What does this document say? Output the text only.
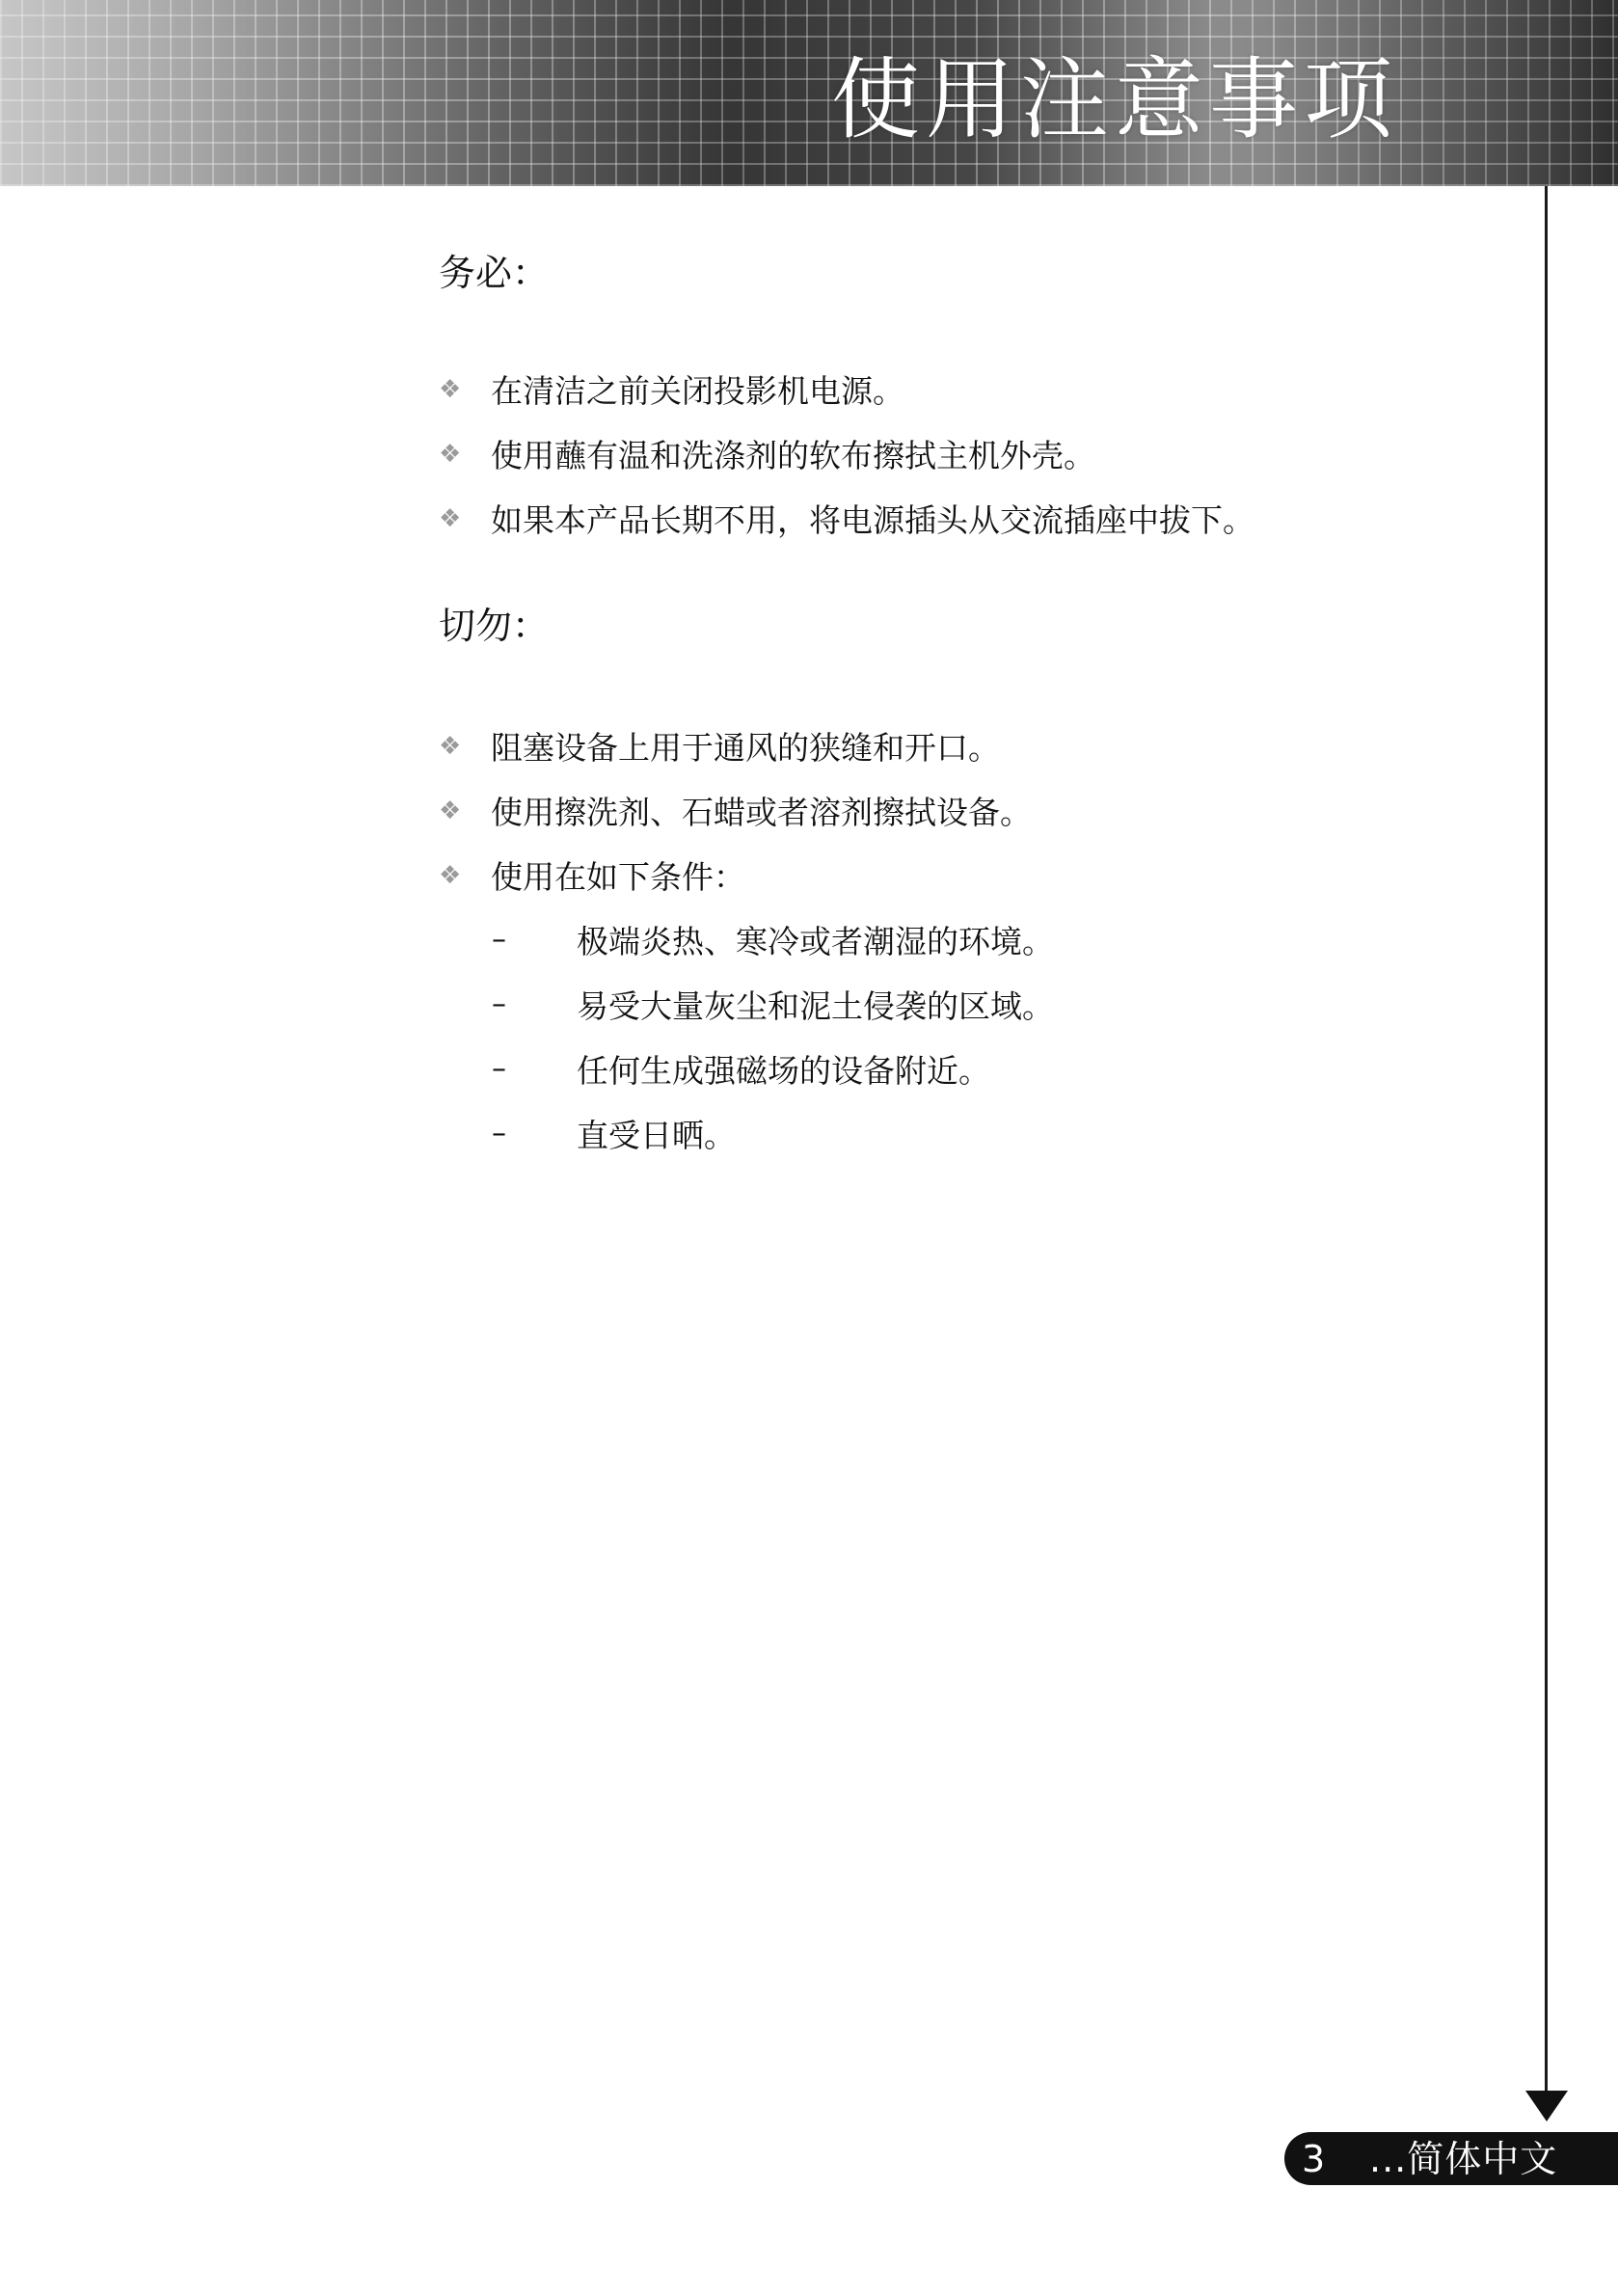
使用注意事项
务必：
❖ 在清洁之前关闭投影机电源。
❖ 使用蘸有温和洗涤剂的软布擦拭主机外壳。
❖ 如果本产品长期不用，将电源插头从交流插座中拔下。
切勿：
❖ 阻塞设备上用于通风的狭缝和开口。
❖ 使用擦洗剂、石蜡或者溶剂擦拭设备。
❖ 使用在如下条件：
–	极端炎热、寒冷或者潮湿的环境。
–	易受大量灰尘和泥土侵袭的区域。
–	任何生成强磁场的设备附近。
–	直受日晒。
3 ...简体中文
